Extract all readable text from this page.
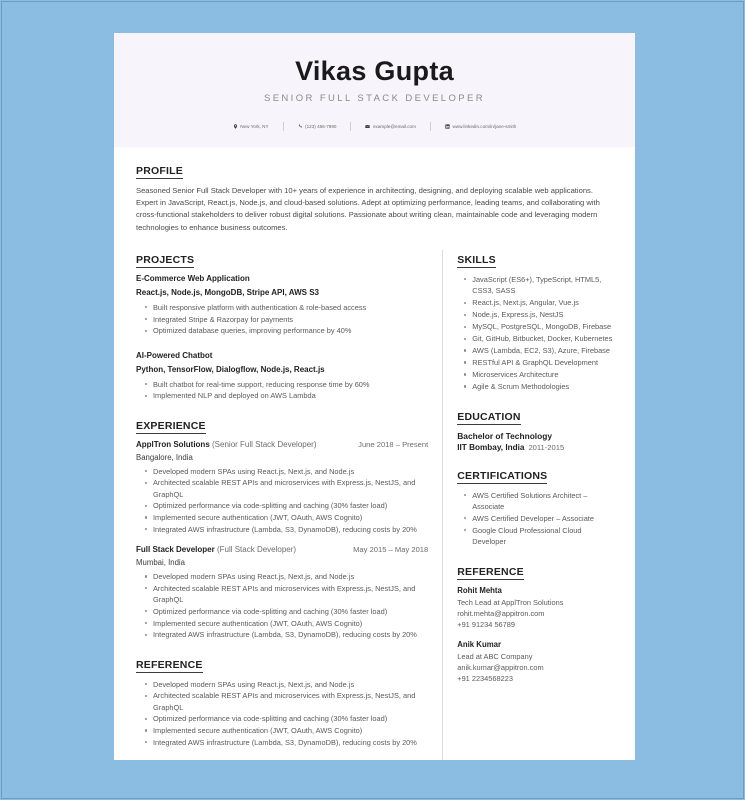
Vikas Gupta
SENIOR FULL STACK DEVELOPER
New York, NY	(123) 456-7890	example@email.com	www.linkedin.com/in/jane-smith
PROFILE
Seasoned Senior Full Stack Developer with 10+ years of experience in architecting, designing, and deploying scalable web applications. Expert in JavaScript, React.js, Node.js, and cloud-based solutions. Adept at optimizing performance, leading teams, and collaborating with cross-functional stakeholders to deliver robust digital solutions. Passionate about writing clean, maintainable code and leveraging modern technologies to enhance business outcomes.
PROJECTS
E-Commerce Web Application
React.js, Node.js, MongoDB, Stripe API, AWS S3
Built responsive platform with authentication & role-based access
Integrated Stripe & Razorpay for payments
Optimized database queries, improving performance by 40%
AI-Powered Chatbot
Python, TensorFlow, Dialogflow, Node.js, React.js
Built chatbot for real-time support, reducing response time by 60%
Implemented NLP and deployed on AWS Lambda
EXPERIENCE
ApplTron Solutions (Senior Full Stack Developer)	June 2018 – Present
Bangalore, India
Developed modern SPAs using React.js, Next.js, and Node.js
Architected scalable REST APIs and microservices with Express.js, NestJS, and GraphQL
Optimized performance via code-splitting and caching (30% faster load)
Implemented secure authentication (JWT, OAuth, AWS Cognito)
Integrated AWS infrastructure (Lambda, S3, DynamoDB), reducing costs by 20%
Full Stack Developer (Full Stack Developer)	May 2015 – May 2018
Mumbai, India
Developed modern SPAs using React.js, Next.js, and Node.js
Architected scalable REST APIs and microservices with Express.js, NestJS, and GraphQL
Optimized performance via code-splitting and caching (30% faster load)
Implemented secure authentication (JWT, OAuth, AWS Cognito)
Integrated AWS infrastructure (Lambda, S3, DynamoDB), reducing costs by 20%
REFERENCE
Developed modern SPAs using React.js, Next.js, and Node.js
Architected scalable REST APIs and microservices with Express.js, NestJS, and GraphQL
Optimized performance via code-splitting and caching (30% faster load)
Implemented secure authentication (JWT, OAuth, AWS Cognito)
Integrated AWS infrastructure (Lambda, S3, DynamoDB), reducing costs by 20%
SKILLS
JavaScript (ES6+), TypeScript, HTML5, CSS3, SASS
React.js, Next.js, Angular, Vue.js
Node.js, Express.js, NestJS
MySQL, PostgreSQL, MongoDB, Firebase
Git, GitHub, Bitbucket, Docker, Kubernetes
AWS (Lambda, EC2, S3), Azure, Firebase
RESTful API & GraphQL Development
Microservices Architecture
Agile & Scrum Methodologies
EDUCATION
Bachelor of Technology
IIT Bombay, India 2011-2015
CERTIFICATIONS
AWS Certified Solutions Architect – Associate
AWS Certified Developer – Associate
Google Cloud Professional Cloud Developer
REFERENCE
Rohit Mehta
Tech Lead at ApplTron Solutions
rohit.mehta@appitron.com
+91 91234 56789
Anik Kumar
Lead at ABC Company
anik.kumar@appitron.com
+91 2234568223
